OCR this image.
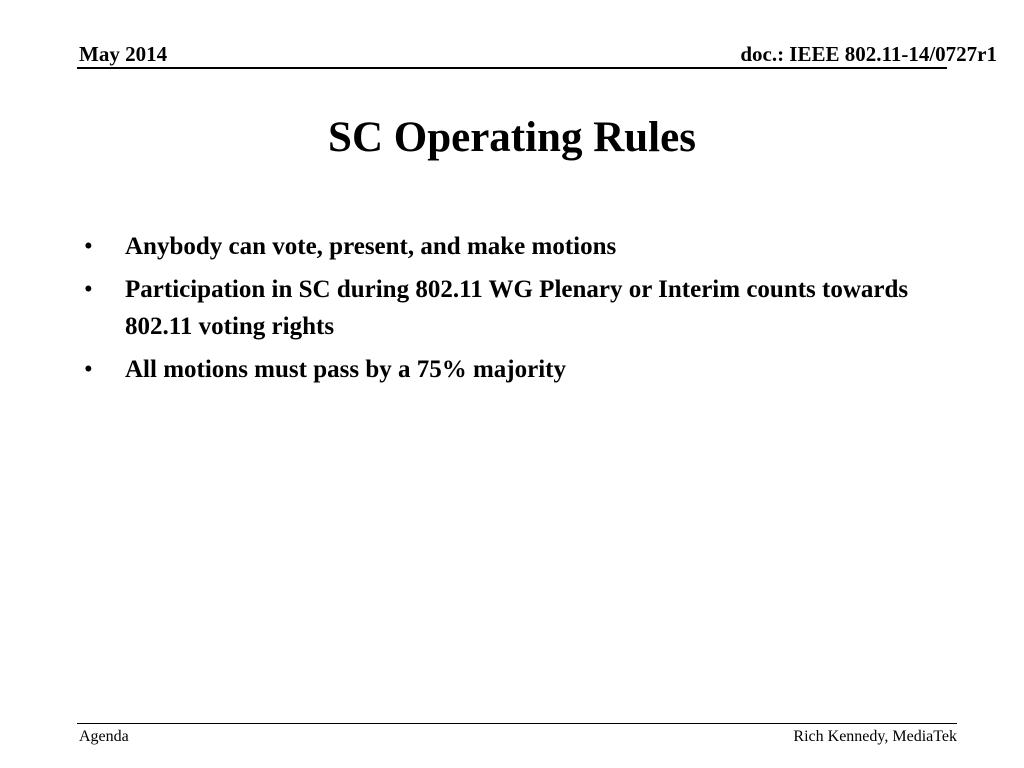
May 2014	doc.: IEEE 802.11-14/0727r1
SC Operating Rules
• Anybody can vote, present, and make motions
• Participation in SC during 802.11 WG Plenary or Interim counts towards 802.11 voting rights
• All motions must pass by a 75% majority
Agenda	Rich Kennedy, MediaTek
